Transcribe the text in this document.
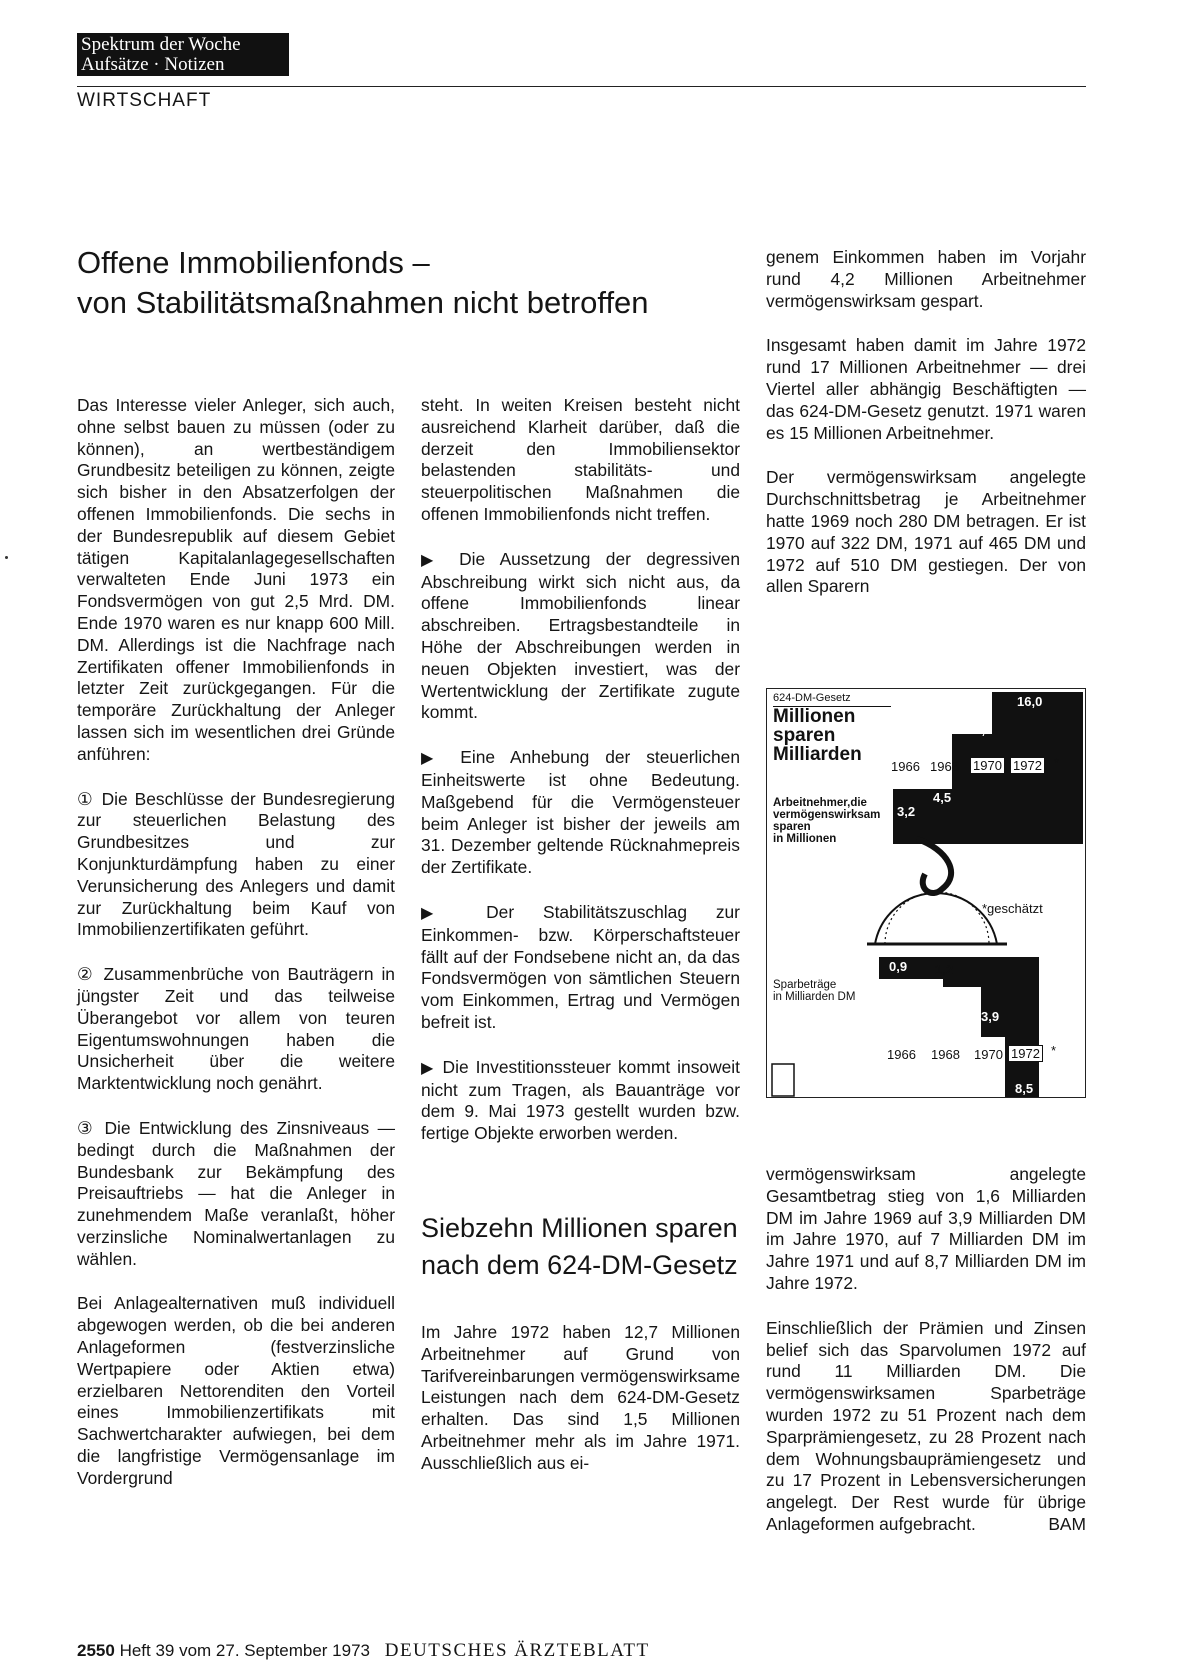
Spektrum der Woche
Aufsätze · Notizen
WIRTSCHAFT
Offene Immobilienfonds –
von Stabilitätsmaßnahmen nicht betroffen

Das Interesse vieler Anleger, sich auch, ohne selbst bauen zu müssen (oder zu können), an wertbeständigem Grundbesitz beteiligen zu können, zeigte sich bisher in den Absatzerfolgen der offenen Immobilienfonds. Die sechs in der Bundesrepublik auf diesem Gebiet tätigen Kapitalanlagegesellschaften verwalteten Ende Juni 1973 ein Fondsvermögen von gut 2,5 Mrd. DM. Ende 1970 waren es nur knapp 600 Mill. DM. Allerdings ist die Nachfrage nach Zertifikaten offener Immobilienfonds in letzter Zeit zurückgegangen. Für die temporäre Zurückhaltung der Anleger lassen sich im wesentlichen drei Gründe anführen:

① Die Beschlüsse der Bundesregierung zur steuerlichen Belastung des Grundbesitzes und zur Konjunkturdämpfung haben zu einer Verunsicherung des Anlegers und damit zur Zurückhaltung beim Kauf von Immobilienzertifikaten geführt.

② Zusammenbrüche von Bauträgern in jüngster Zeit und das teilweise Überangebot vor allem von teuren Eigentumswohnungen haben die Unsicherheit über die weitere Marktentwicklung noch genährt.

③ Die Entwicklung des Zinsniveaus — bedingt durch die Maßnahmen der Bundesbank zur Bekämpfung des Preisauftriebs — hat die Anleger in zunehmendem Maße veranlaßt, höher verzinsliche Nominalwertanlagen zu wählen.

Bei Anlagealternativen muß individuell abgewogen werden, ob die bei anderen Anlageformen (festverzinsliche Wertpapiere oder Aktien etwa) erzielbaren Nettorenditen den Vorteil eines Immobilienzertifikats mit Sachwertcharakter aufwiegen, bei dem die langfristige Vermögensanlage im Vordergrund

steht. In weiten Kreisen besteht nicht ausreichend Klarheit darüber, daß die derzeit den Immobiliensektor belastenden stabilitäts- und steuerpolitischen Maßnahmen die offenen Immobilienfonds nicht treffen.

▶ Die Aussetzung der degressiven Abschreibung wirkt sich nicht aus, da offene Immobilienfonds linear abschreiben. Ertragsbestandteile in Höhe der Abschreibungen werden in neuen Objekten investiert, was der Wertentwicklung der Zertifikate zugute kommt.

▶ Eine Anhebung der steuerlichen Einheitswerte ist ohne Bedeutung. Maßgebend für die Vermögensteuer beim Anleger ist bisher der jeweils am 31. Dezember geltende Rücknahmepreis der Zertifikate.

▶ Der Stabilitätszuschlag zur Einkommen- bzw. Körperschaftsteuer fällt auf der Fondsebene nicht an, da das Fondsvermögen von sämtlichen Steuern vom Einkommen, Ertrag und Vermögen befreit ist.

▶ Die Investitionssteuer kommt insoweit nicht zum Tragen, als Bauanträge vor dem 9. Mai 1973 gestellt wurden bzw. fertige Objekte erworben werden.

Siebzehn Millionen sparen nach dem 624-DM-Gesetz

Im Jahre 1972 haben 12,7 Millionen Arbeitnehmer auf Grund von Tarifvereinbarungen vermögenswirksame Leistungen nach dem 624-DM-Gesetz erhalten. Das sind 1,5 Millionen Arbeitnehmer mehr als im Jahre 1971. Ausschließlich aus ei-

genem Einkommen haben im Vorjahr rund 4,2 Millionen Arbeitnehmer vermögenswirksam gespart.

Insgesamt haben damit im Jahre 1972 rund 17 Millionen Arbeitnehmer — drei Viertel aller abhängig Beschäftigten — das 624-DM-Gesetz genutzt. 1971 waren es 15 Millionen Arbeitnehmer.

Der vermögenswirksam angelegte Durchschnittsbetrag je Arbeitnehmer hatte 1969 noch 280 DM betragen. Er ist 1970 auf 322 DM, 1971 auf 465 DM und 1972 auf 510 DM gestiegen. Der von allen Sparern

624-DM-Gesetz
Millionen
sparen
Milliarden
1966 1968 1970 1972 *
3,2
4,5
12,1
16,0
Arbeitnehmer,die
vermögenswirksam
sparen
in Millionen
*geschätzt
0,9 1,2
3,9
8,5
Sparbeträge
in Milliarden DM
1966 1968 1970 1972 *

vermögenswirksam angelegte Gesamtbetrag stieg von 1,6 Milliarden DM im Jahre 1969 auf 3,9 Milliarden DM im Jahre 1970, auf 7 Milliarden DM im Jahre 1971 und auf 8,7 Milliarden DM im Jahre 1972.

Einschließlich der Prämien und Zinsen belief sich das Sparvolumen 1972 auf rund 11 Milliarden DM. Die vermögenswirksamen Sparbeträge wurden 1972 zu 51 Prozent nach dem Sparprämiengesetz, zu 28 Prozent nach dem Wohnungsbauprämiengesetz und zu 17 Prozent in Lebensversicherungen angelegt. Der Rest wurde für übrige Anlageformen aufgebracht.	BAM

2550 Heft 39 vom 27. September 1973 DEUTSCHES ÄRZTEBLATT
